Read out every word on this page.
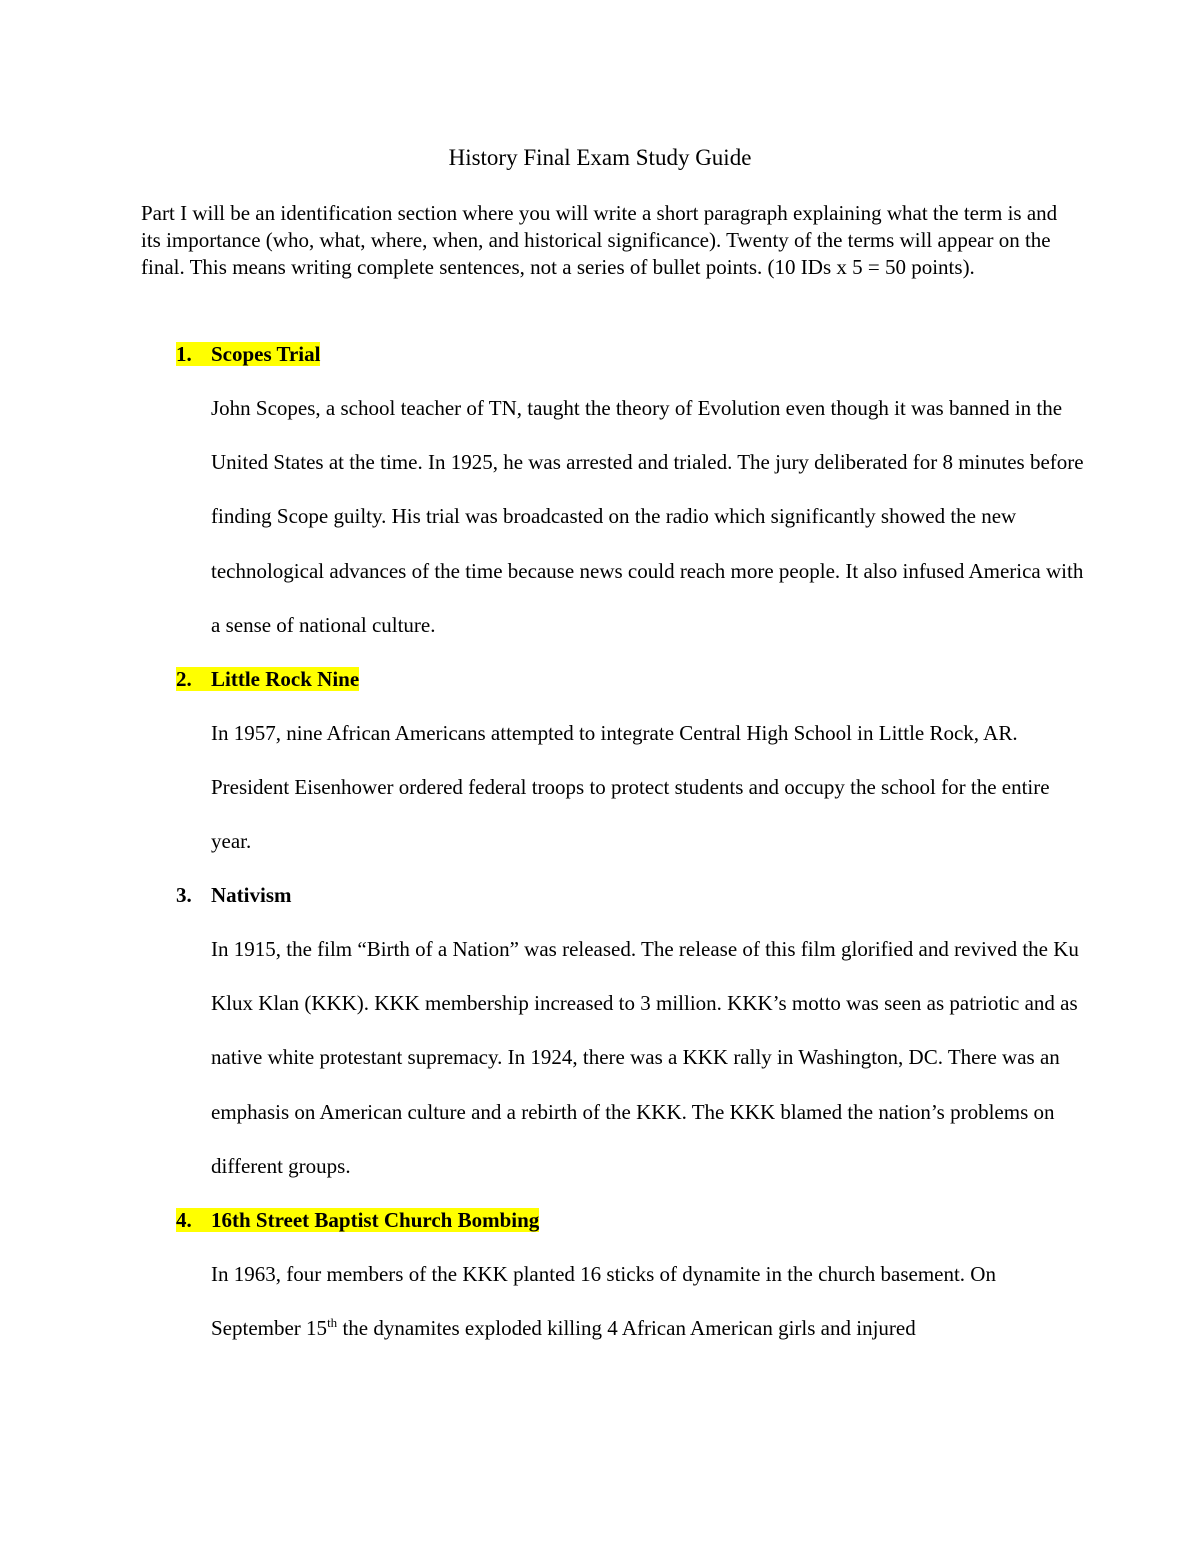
History Final Exam Study Guide
Part I will be an identification section where you will write a short paragraph explaining what the term is and its importance (who, what, where, when, and historical significance). Twenty of the terms will appear on the final. This means writing complete sentences, not a series of bullet points. (10 IDs x 5 = 50 points).
1. Scopes Trial
John Scopes, a school teacher of TN, taught the theory of Evolution even though it was banned in the United States at the time. In 1925, he was arrested and trialed. The jury deliberated for 8 minutes before finding Scope guilty. His trial was broadcasted on the radio which significantly showed the new technological advances of the time because news could reach more people. It also infused America with a sense of national culture.
2. Little Rock Nine
In 1957, nine African Americans attempted to integrate Central High School in Little Rock, AR. President Eisenhower ordered federal troops to protect students and occupy the school for the entire year.
3. Nativism
In 1915, the film “Birth of a Nation” was released. The release of this film glorified and revived the Ku Klux Klan (KKK). KKK membership increased to 3 million. KKK’s motto was seen as patriotic and as native white protestant supremacy. In 1924, there was a KKK rally in Washington, DC. There was an emphasis on American culture and a rebirth of the KKK. The KKK blamed the nation’s problems on different groups.
4. 16th Street Baptist Church Bombing
In 1963, four members of the KKK planted 16 sticks of dynamite in the church basement. On September 15th the dynamites exploded killing 4 African American girls and injured
